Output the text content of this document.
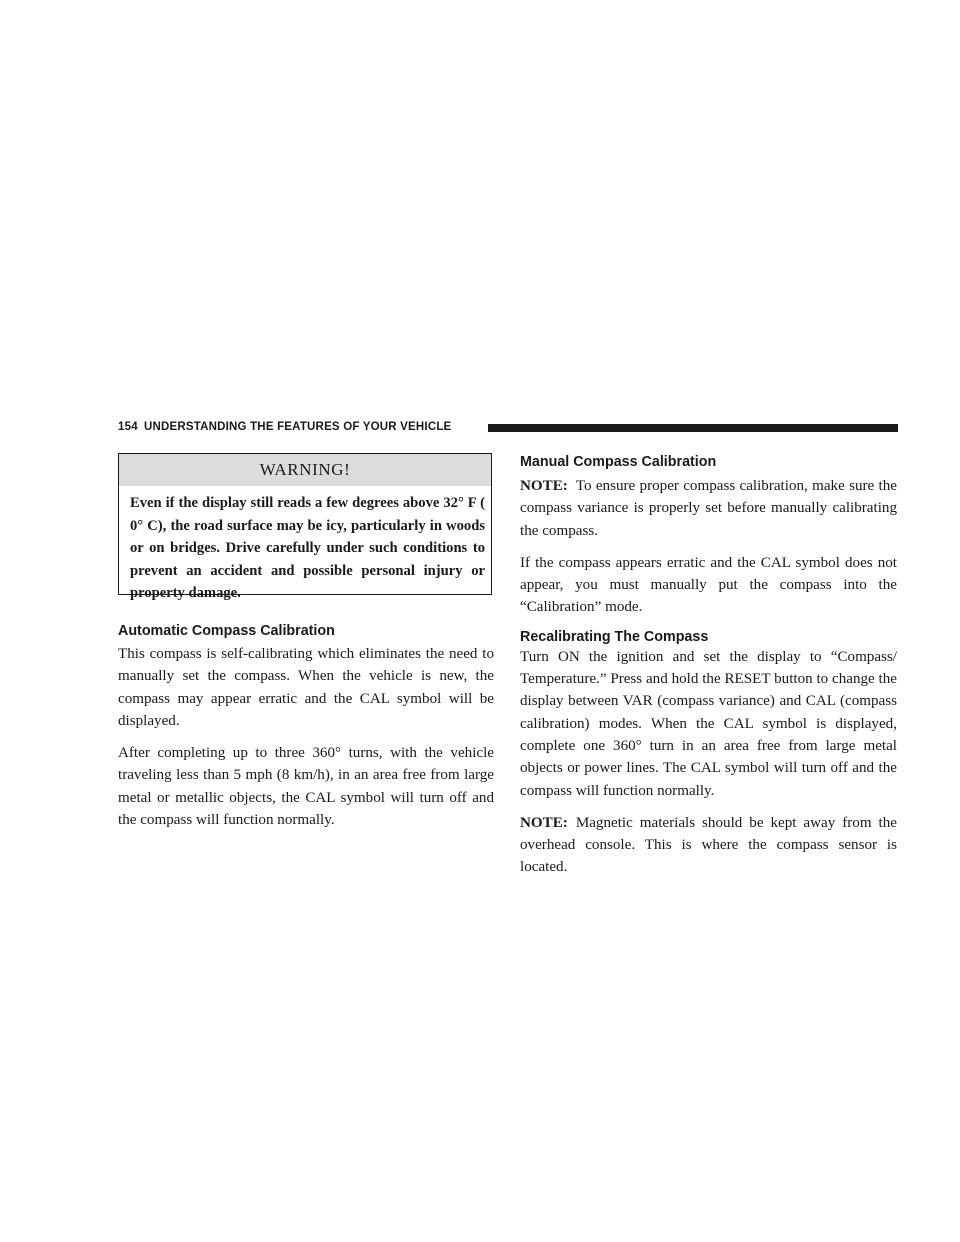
154 UNDERSTANDING THE FEATURES OF YOUR VEHICLE
WARNING!
Even if the display still reads a few degrees above 32° F ( 0° C), the road surface may be icy, particularly in woods or on bridges. Drive carefully under such conditions to prevent an accident and possible personal injury or property damage.
Automatic Compass Calibration

This compass is self-calibrating which eliminates the need to manually set the compass. When the vehicle is new, the compass may appear erratic and the CAL symbol will be displayed.

After completing up to three 360° turns, with the vehicle traveling less than 5 mph (8 km/h), in an area free from large metal or metallic objects, the CAL symbol will turn off and the compass will function normally.

Manual Compass Calibration

NOTE: To ensure proper compass calibration, make sure the compass variance is properly set before manually calibrating the compass.

If the compass appears erratic and the CAL symbol does not appear, you must manually put the compass into the “Calibration” mode.

Recalibrating The Compass

Turn ON the ignition and set the display to “Compass/ Temperature.” Press and hold the RESET button to change the display between VAR (compass variance) and CAL (compass calibration) modes. When the CAL symbol is displayed, complete one 360° turn in an area free from large metal objects or power lines. The CAL symbol will turn off and the compass will function normally.

NOTE: Magnetic materials should be kept away from the overhead console. This is where the compass sensor is located.
